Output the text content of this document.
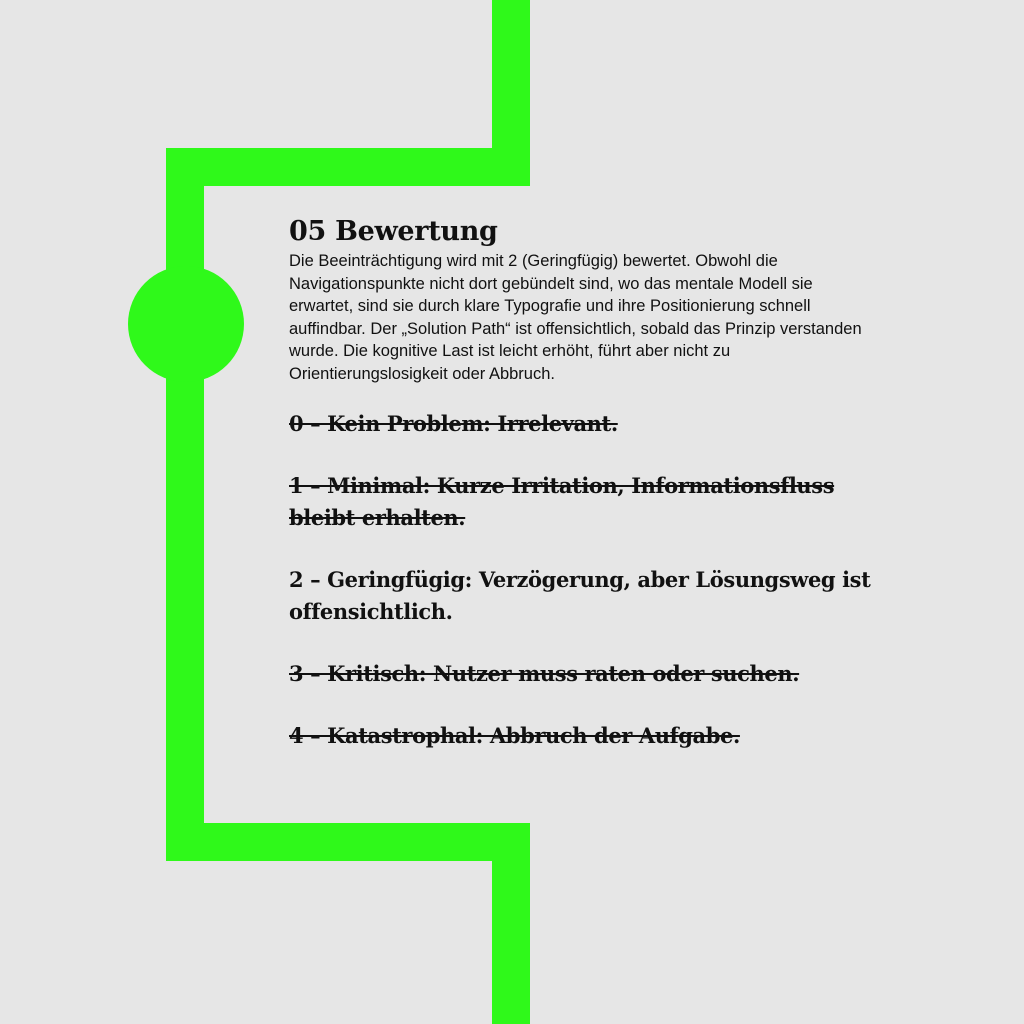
05 Bewertung

Die Beeinträchtigung wird mit 2 (Geringfügig) bewertet. Obwohl die Navigationspunkte nicht dort gebündelt sind, wo das mentale Modell sie erwartet, sind sie durch klare Typografie und ihre Positionierung schnell auffindbar. Der „Solution Path“ ist offensichtlich, sobald das Prinzip verstanden wurde. Die kognitive Last ist leicht erhöht, führt aber nicht zu Orientierungslosigkeit oder Abbruch.

0 – Kein Problem: Irrelevant.
1 – Minimal: Kurze Irritation, Informationsfluss bleibt erhalten.
2 – Geringfügig: Verzögerung, aber Lösungsweg ist offensichtlich.
3 – Kritisch: Nutzer muss raten oder suchen.
4 – Katastrophal: Abbruch der Aufgabe.
